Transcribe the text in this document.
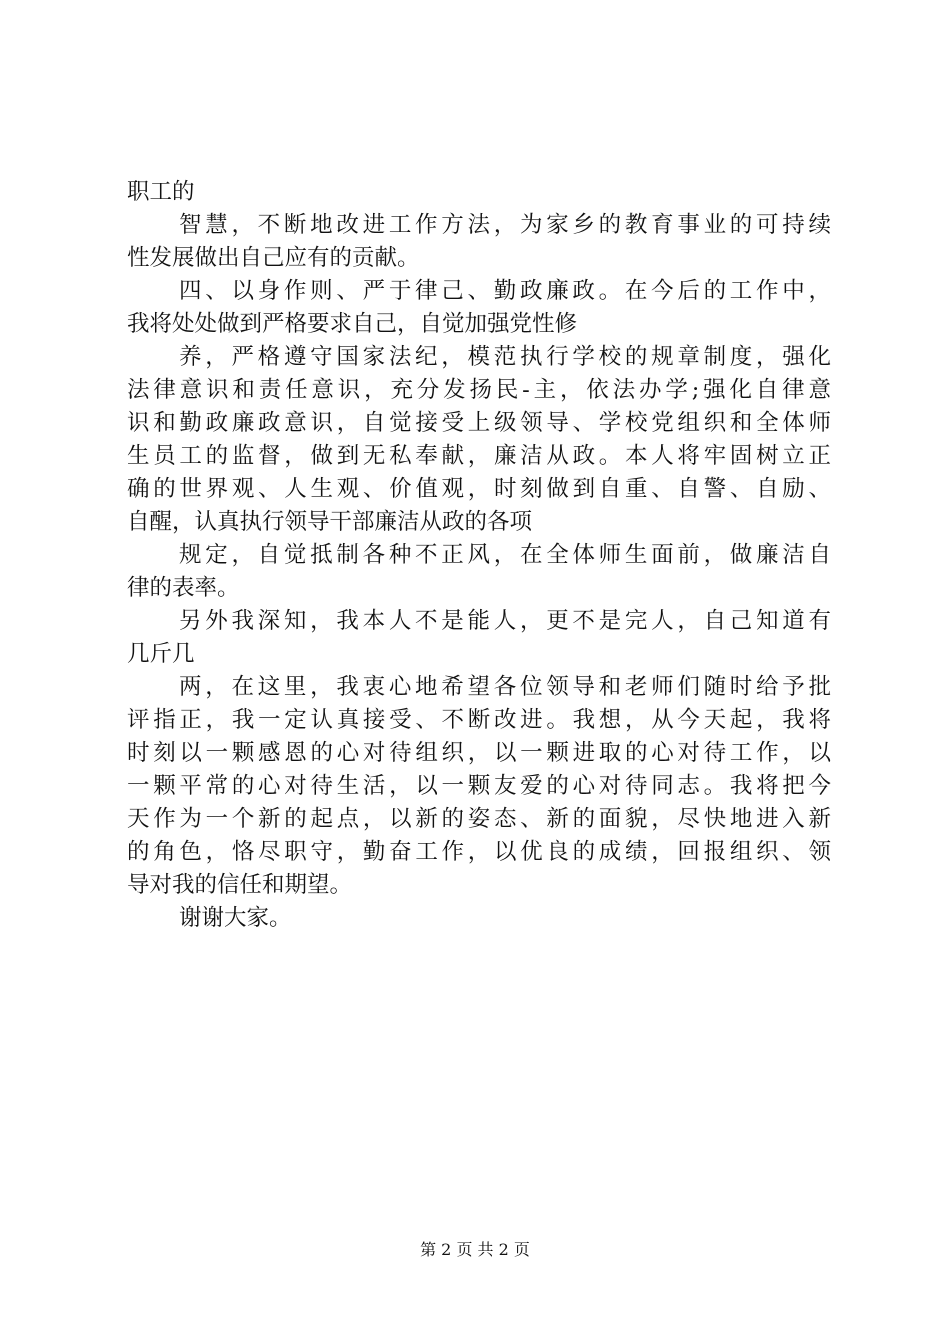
职工的
智慧，不断地改进工作方法，为家乡的教育事业的可持续
性发展做出自己应有的贡献。
四、以身作则、严于律己、勤政廉政。在今后的工作中，
我将处处做到严格要求自己，自觉加强党性修
养，严格遵守国家法纪，模范执行学校的规章制度，强化
法律意识和责任意识，充分发扬民-主，依法办学;强化自律意
识和勤政廉政意识，自觉接受上级领导、学校党组织和全体师
生员工的监督，做到无私奉献，廉洁从政。本人将牢固树立正
确的世界观、人生观、价值观，时刻做到自重、自警、自励、
自醒，认真执行领导干部廉洁从政的各项
规定，自觉抵制各种不正风，在全体师生面前，做廉洁自
律的表率。
另外我深知，我本人不是能人，更不是完人，自己知道有
几斤几
两，在这里，我衷心地希望各位领导和老师们随时给予批
评指正，我一定认真接受、不断改进。我想，从今天起，我将
时刻以一颗感恩的心对待组织，以一颗进取的心对待工作，以
一颗平常的心对待生活，以一颗友爱的心对待同志。我将把今
天作为一个新的起点，以新的姿态、新的面貌，尽快地进入新
的角色，恪尽职守，勤奋工作，以优良的成绩，回报组织、领
导对我的信任和期望。
谢谢大家。
第 2 页 共 2 页
